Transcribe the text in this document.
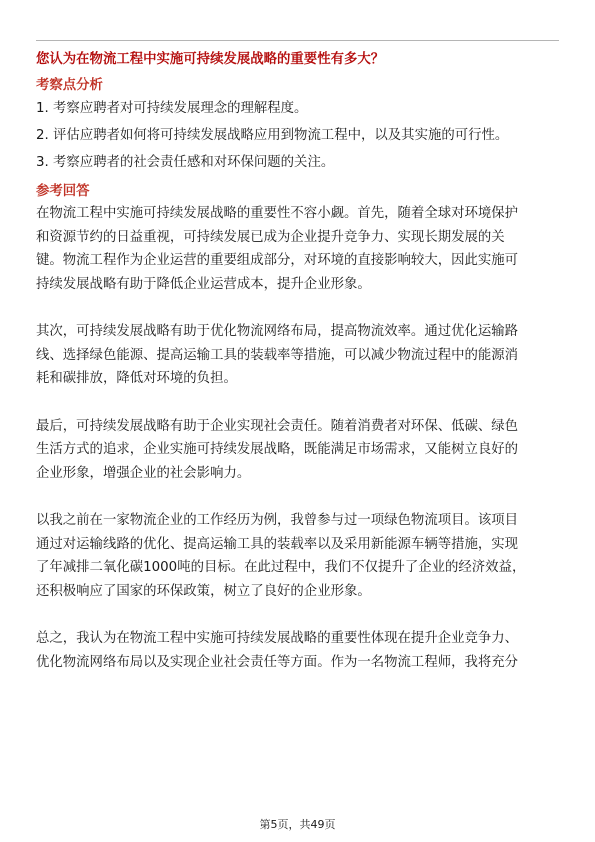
您认为在物流工程中实施可持续发展战略的重要性有多大？

考察点分析

1. 考察应聘者对可持续发展理念的理解程度。
2. 评估应聘者如何将可持续发展战略应用到物流工程中，以及其实施的可行性。
3. 考察应聘者的社会责任感和对环保问题的关注。

参考回答

在物流工程中实施可持续发展战略的重要性不容小觑。首先，随着全球对环境保护
和资源节约的日益重视，可持续发展已成为企业提升竞争力、实现长期发展的关
键。物流工程作为企业运营的重要组成部分，对环境的直接影响较大，因此实施可
持续发展战略有助于降低企业运营成本，提升企业形象。
其次，可持续发展战略有助于优化物流网络布局，提高物流效率。通过优化运输路
线、选择绿色能源、提高运输工具的装载率等措施，可以减少物流过程中的能源消
耗和碳排放，降低对环境的负担。
最后，可持续发展战略有助于企业实现社会责任。随着消费者对环保、低碳、绿色
生活方式的追求，企业实施可持续发展战略，既能满足市场需求，又能树立良好的
企业形象，增强企业的社会影响力。
以我之前在一家物流企业的工作经历为例，我曾参与过一项绿色物流项目。该项目
通过对运输线路的优化、提高运输工具的装载率以及采用新能源车辆等措施，实现
了年减排二氧化碳1000吨的目标。在此过程中，我们不仅提升了企业的经济效益，
还积极响应了国家的环保政策，树立了良好的企业形象。
总之，我认为在物流工程中实施可持续发展战略的重要性体现在提升企业竞争力、
优化物流网络布局以及实现企业社会责任等方面。作为一名物流工程师，我将充分
第5页，共49页
